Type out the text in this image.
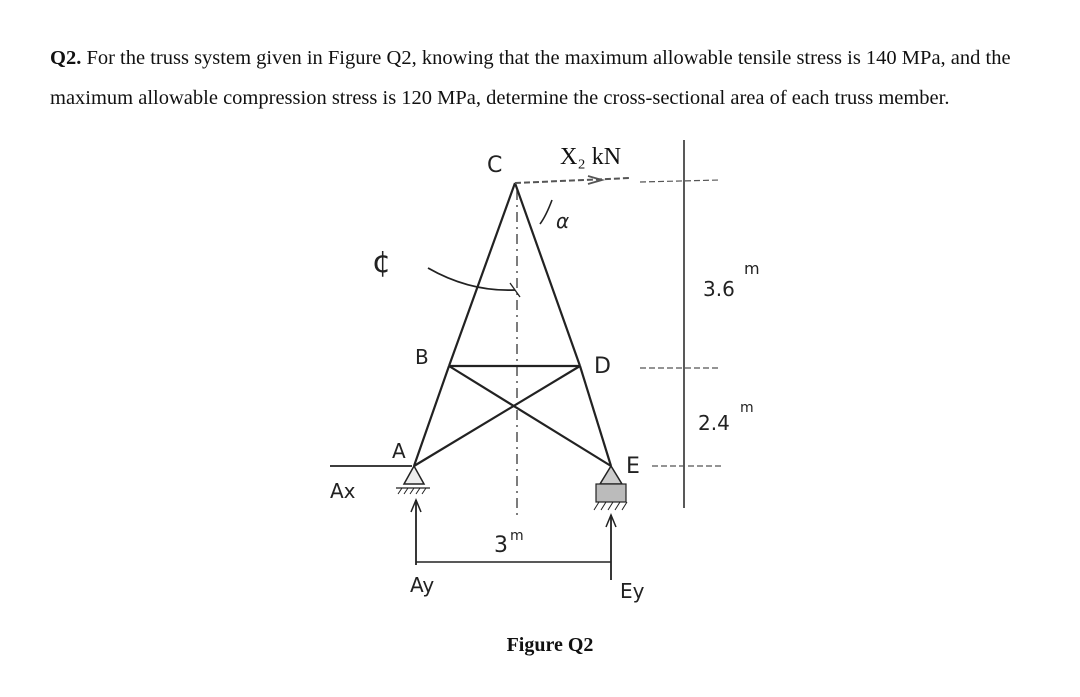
Q2. For the truss system given in Figure Q2, knowing that the maximum allowable tensile stress is 140 MPa, and the maximum allowable compression stress is 120 MPa, determine the cross-sectional area of each truss member.

X₂ kN
α
C
B	D
A
E
¢
Ax
Ay	Ey
3 m
3.6
m
2.4
m
Figure Q2
